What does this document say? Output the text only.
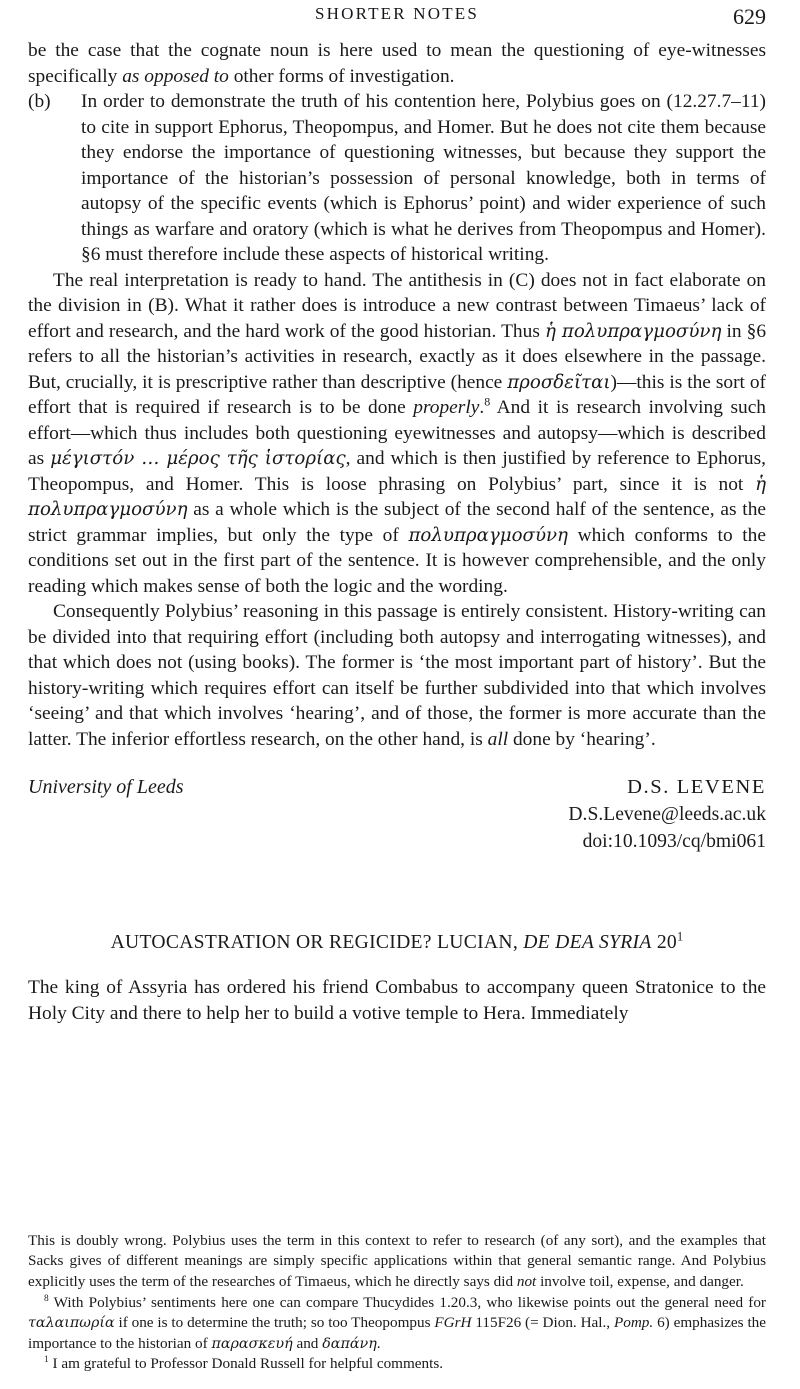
SHORTER NOTES	629

be the case that the cognate noun is here used to mean the questioning of eye-witnesses specifically as opposed to other forms of investigation.

(b) In order to demonstrate the truth of his contention here, Polybius goes on (12.27.7–11) to cite in support Ephorus, Theopompus, and Homer. But he does not cite them because they endorse the importance of questioning witnesses, but because they support the importance of the historian’s possession of personal knowledge, both in terms of autopsy of the specific events (which is Ephorus’ point) and wider experience of such things as warfare and oratory (which is what he derives from Theopompus and Homer). §6 must therefore include these aspects of historical writing.

The real interpretation is ready to hand. The antithesis in (C) does not in fact elaborate on the division in (B). What it rather does is introduce a new contrast between Timaeus’ lack of effort and research, and the hard work of the good historian. Thus ἡ πολυπραγμοσύνη in §6 refers to all the historian’s activities in research, exactly as it does elsewhere in the passage. But, crucially, it is prescriptive rather than descriptive (hence προσδεῖται)—this is the sort of effort that is required if research is to be done properly.$^8$ And it is research involving such effort—which thus includes both questioning eyewitnesses and autopsy—which is described as μέγιστόν … μέρος τῆς ἱστορίας, and which is then justified by reference to Ephorus, Theopompus, and Homer. This is loose phrasing on Polybius’ part, since it is not ἡ πολυπραγμοσύνη as a whole which is the subject of the second half of the sentence, as the strict grammar implies, but only the type of πολυπραγμοσύνη which conforms to the conditions set out in the first part of the sentence. It is however comprehensible, and the only reading which makes sense of both the logic and the wording.

Consequently Polybius’ reasoning in this passage is entirely consistent. History-writing can be divided into that requiring effort (including both autopsy and interrogating witnesses), and that which does not (using books). The former is ‘the most important part of history’. But the history-writing which requires effort can itself be further subdivided into that which involves ‘seeing’ and that which involves ‘hearing’, and of those, the former is more accurate than the latter. The inferior effortless research, on the other hand, is all done by ‘hearing’.

University of Leeds	D.S. LEVENE
D.S.Levene@leeds.ac.uk
doi:10.1093/cq/bmi061
AUTOCASTRATION OR REGICIDE? LUCIAN, DE DEA SYRIA $20^1$
The king of Assyria has ordered his friend Combabus to accompany queen Stratonice to the Holy City and there to help her to build a votive temple to Hera. Immediately

This is doubly wrong. Polybius uses the term in this context to refer to research (of any sort), and the examples that Sacks gives of different meanings are simply specific applications within that general semantic range. And Polybius explicitly uses the term of the researches of Timaeus, which he directly says did not involve toil, expense, and danger.

$^8$ With Polybius’ sentiments here one can compare Thucydides 1.20.3, who likewise points out the general need for ταλαιπωρία if one is to determine the truth; so too Theopompus FGrH 115F26 (= Dion. Hal., Pomp. 6) emphasizes the importance to the historian of παρασκευή and δαπάνη.

$^1$ I am grateful to Professor Donald Russell for helpful comments.
